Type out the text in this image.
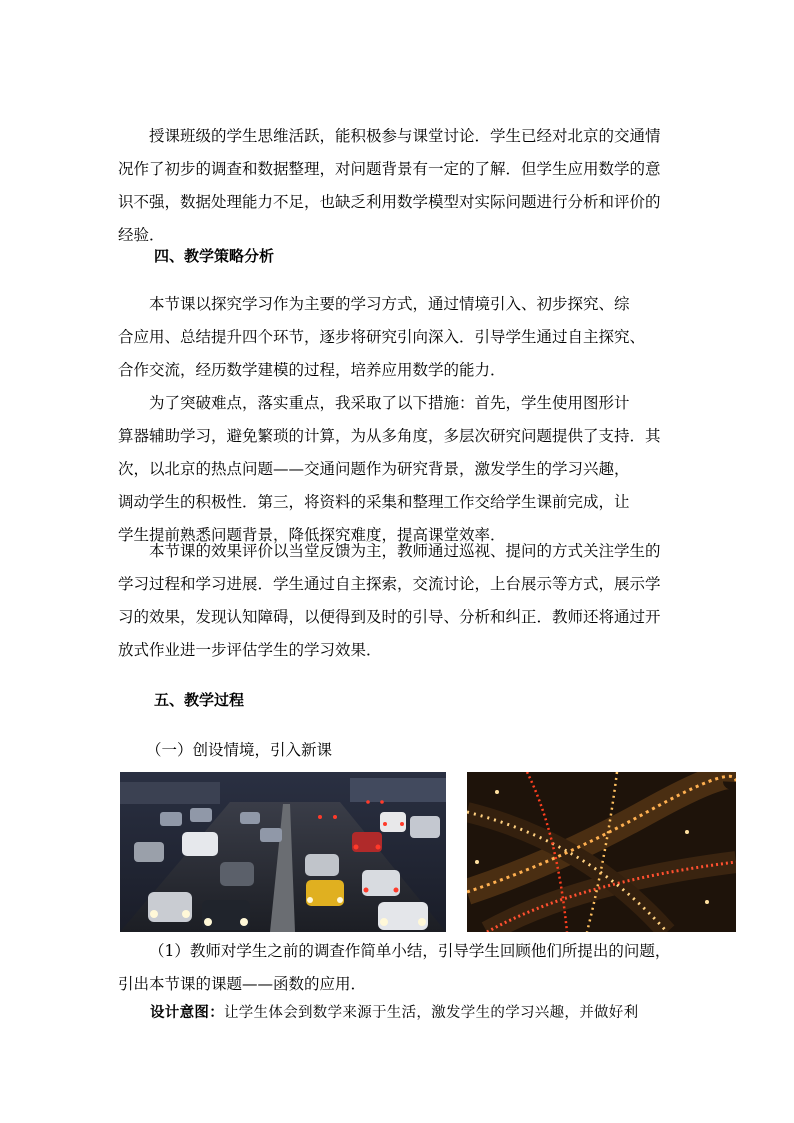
授课班级的学生思维活跃，能积极参与课堂讨论．学生已经对北京的交通情
况作了初步的调查和数据整理，对问题背景有一定的了解．但学生应用数学的意
识不强，数据处理能力不足，也缺乏利用数学模型对实际问题进行分析和评价的
经验．

四、教学策略分析

本节课以探究学习作为主要的学习方式，通过情境引入、初步探究、综
合应用、总结提升四个环节，逐步将研究引向深入．引导学生通过自主探究、
合作交流，经历数学建模的过程，培养应用数学的能力．

为了突破难点，落实重点，我采取了以下措施：首先，学生使用图形计
算器辅助学习，避免繁琐的计算，为从多角度，多层次研究问题提供了支持．其
次，以北京的热点问题——交通问题作为研究背景，激发学生的学习兴趣，
调动学生的积极性．第三，将资料的采集和整理工作交给学生课前完成，让
学生提前熟悉问题背景，降低探究难度，提高课堂效率．

本节课的效果评价以当堂反馈为主，教师通过巡视、提问的方式关注学生的
学习过程和学习进展．学生通过自主探索，交流讨论，上台展示等方式，展示学
习的效果，发现认知障碍，以便得到及时的引导、分析和纠正．教师还将通过开
放式作业进一步评估学生的学习效果．

五、教学过程

（一）创设情境，引入新课

（1）教师对学生之前的调查作简单小结，引导学生回顾他们所提出的问题，
引出本节课的课题——函数的应用．

设计意图：让学生体会到数学来源于生活，激发学生的学习兴趣，并做好利
